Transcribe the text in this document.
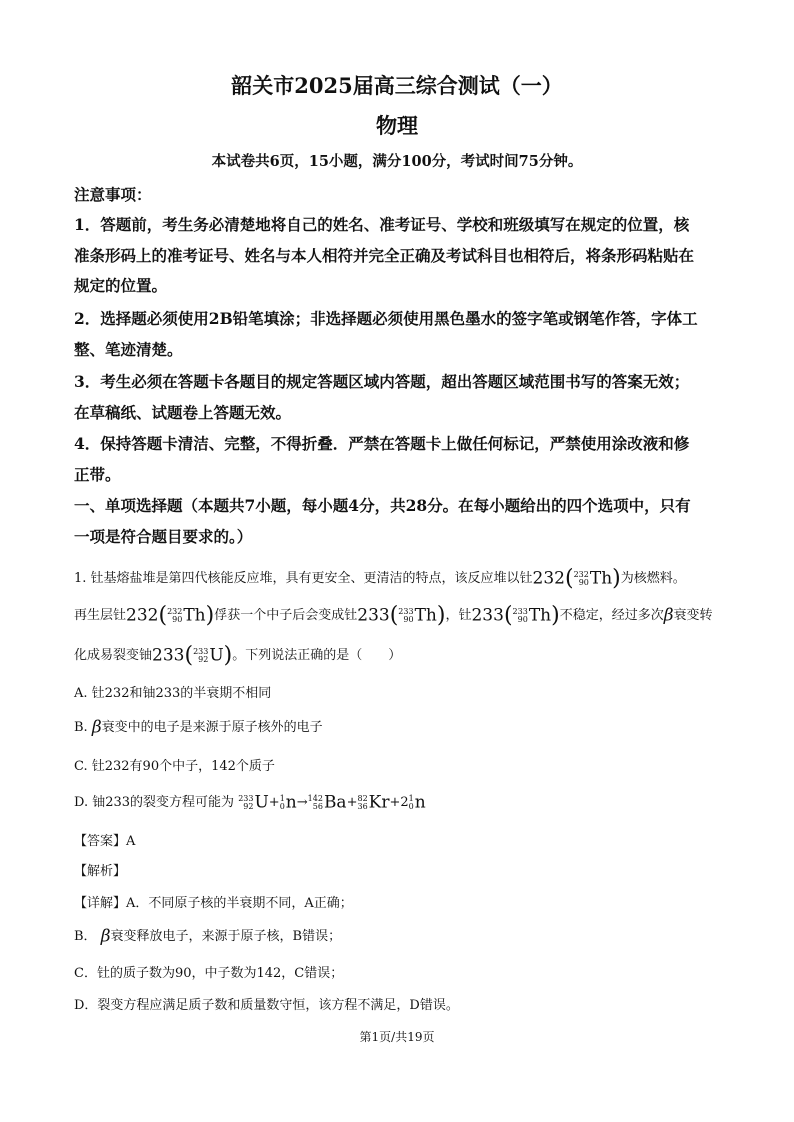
韶关市2025届高三综合测试（一）
物理
本试卷共6页，15小题，满分100分，考试时间75分钟。
注意事项：
1．答题前，考生务必清楚地将自己的姓名、准考证号、学校和班级填写在规定的位置，核
准条形码上的准考证号、姓名与本人相符并完全正确及考试科目也相符后，将条形码粘贴在
规定的位置。
2．选择题必须使用2B铅笔填涂；非选择题必须使用黑色墨水的签字笔或钢笔作答，字体工
整、笔迹清楚。
3．考生必须在答题卡各题目的规定答题区域内答题，超出答题区域范围书写的答案无效；
在草稿纸、试题卷上答题无效。
4．保持答题卡清洁、完整，不得折叠．严禁在答题卡上做任何标记，严禁使用涂改液和修
正带。
一、单项选择题（本题共7小题，每小题4分，共28分。在每小题给出的四个选项中，只有
一项是符合题目要求的。）
1. 钍基熔盐堆是第四代核能反应堆，具有更安全、更清洁的特点，该反应堆以钍232( 232
90 Th)为核燃料。
再生层钍232( 232
90 Th)俘获一个中子后会变成钍233( 233
90 Th)，钍233( 233
90 Th)不稳定，经过多次β衰变转
化成易裂变铀233( 233
92 U)。下列说法正确的是（　　）
A. 钍232和铀233的半衰期不相同
B. β衰变中的电子是来源于原子核外的电子
C. 钍232有90个中子，142个质子
D. 铀233的裂变方程可能为 233
92 U+ 1
0 n→ 142
56 Ba+ 82
36 Kr+2 1
0 n
【答案】A
【解析】
【详解】A．不同原子核的半衰期不同，A正确；
B． β衰变释放电子，来源于原子核，B错误；
C．钍的质子数为90，中子数为142，C错误；
D．裂变方程应满足质子数和质量数守恒，该方程不满足，D错误。
第1页/共19页
